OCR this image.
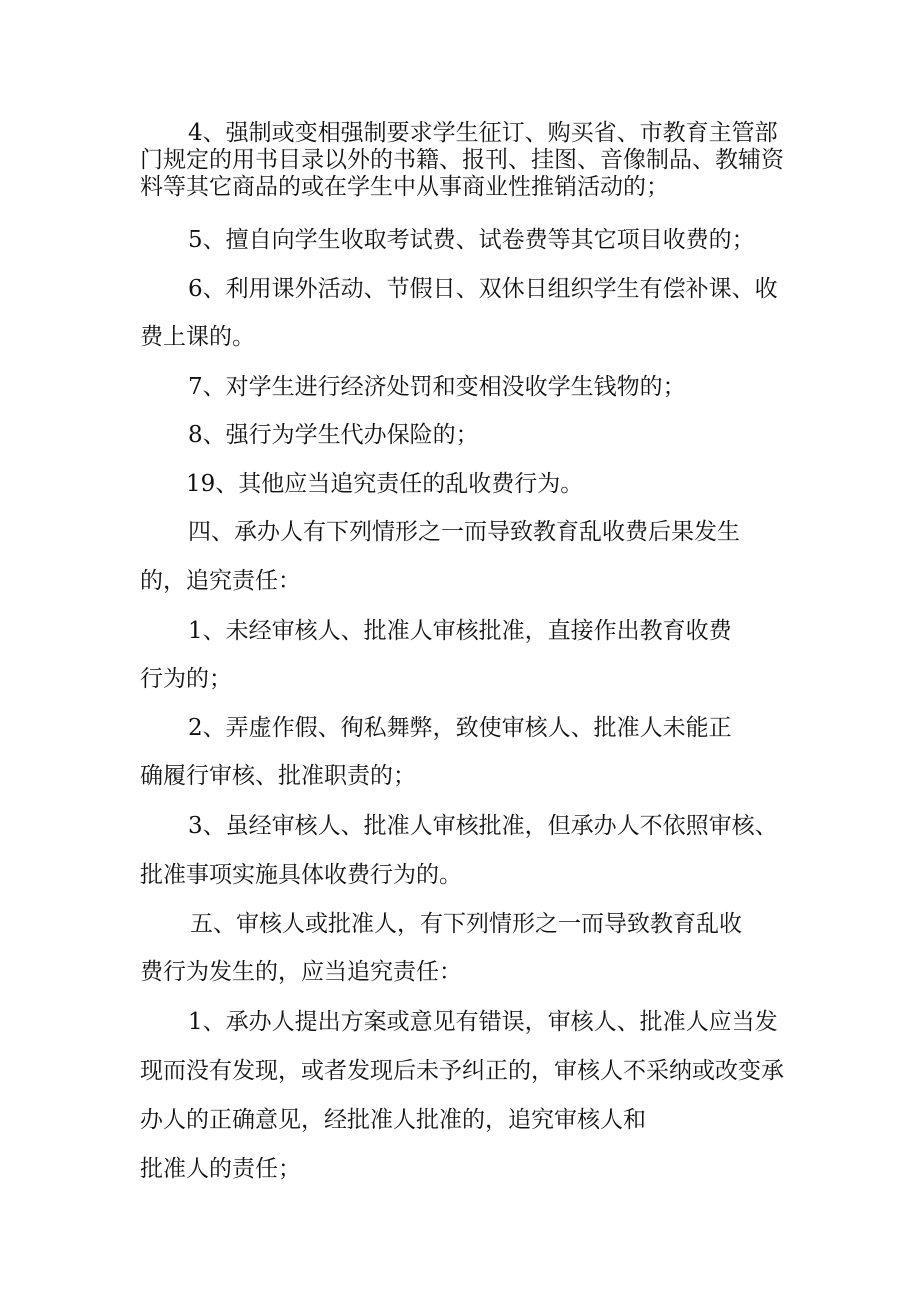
4、强制或变相强制要求学生征订、购买省、市教育主管部
门规定的用书目录以外的书籍、报刊、挂图、音像制品、教辅资
料等其它商品的或在学生中从事商业性推销活动的；
5、擅自向学生收取考试费、试卷费等其它项目收费的；
6、利用课外活动、节假日、双休日组织学生有偿补课、收
费上课的。
7、对学生进行经济处罚和变相没收学生钱物的；
8、强行为学生代办保险的；
19、其他应当追究责任的乱收费行为。
四、承办人有下列情形之一而导致教育乱收费后果发生
的，追究责任：
1、未经审核人、批准人审核批准，直接作出教育收费
行为的；
2、弄虚作假、徇私舞弊，致使审核人、批准人未能正
确履行审核、批准职责的；
3、虽经审核人、批准人审核批准，但承办人不依照审核、
批准事项实施具体收费行为的。
五、审核人或批准人，有下列情形之一而导致教育乱收
费行为发生的，应当追究责任：
1、承办人提出方案或意见有错误，审核人、批准人应当发
现而没有发现，或者发现后未予纠正的，审核人不采纳或改变承
办人的正确意见，经批准人批准的，追究审核人和
批准人的责任；
